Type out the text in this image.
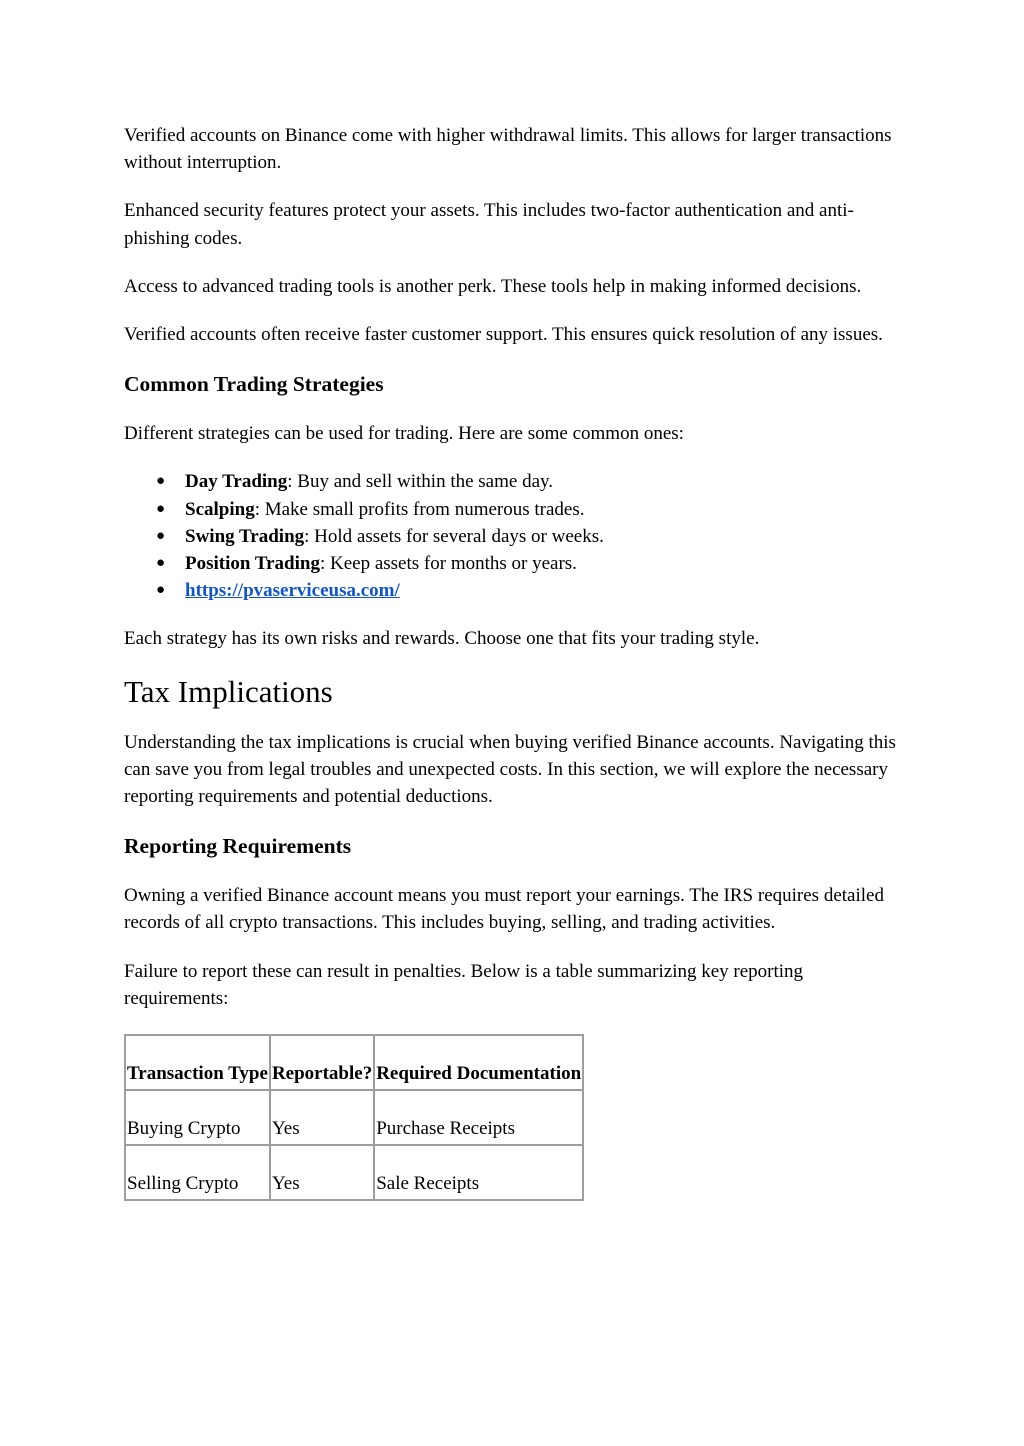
Verified accounts on Binance come with higher withdrawal limits. This allows for larger transactions without interruption.

Enhanced security features protect your assets. This includes two-factor authentication and anti-phishing codes.

Access to advanced trading tools is another perk. These tools help in making informed decisions.

Verified accounts often receive faster customer support. This ensures quick resolution of any issues.

Common Trading Strategies

Different strategies can be used for trading. Here are some common ones:

● Day Trading: Buy and sell within the same day.
● Scalping: Make small profits from numerous trades.
● Swing Trading: Hold assets for several days or weeks.
● Position Trading: Keep assets for months or years.
● https://pvaserviceusa.com/

Each strategy has its own risks and rewards. Choose one that fits your trading style.

Tax Implications

Understanding the tax implications is crucial when buying verified Binance accounts. Navigating this can save you from legal troubles and unexpected costs. In this section, we will explore the necessary reporting requirements and potential deductions.

Reporting Requirements

Owning a verified Binance account means you must report your earnings. The IRS requires detailed records of all crypto transactions. This includes buying, selling, and trading activities.

Failure to report these can result in penalties. Below is a table summarizing key reporting requirements:

Transaction Type	Reportable?	Required Documentation
Buying Crypto	Yes	Purchase Receipts
Selling Crypto	Yes	Sale Receipts
